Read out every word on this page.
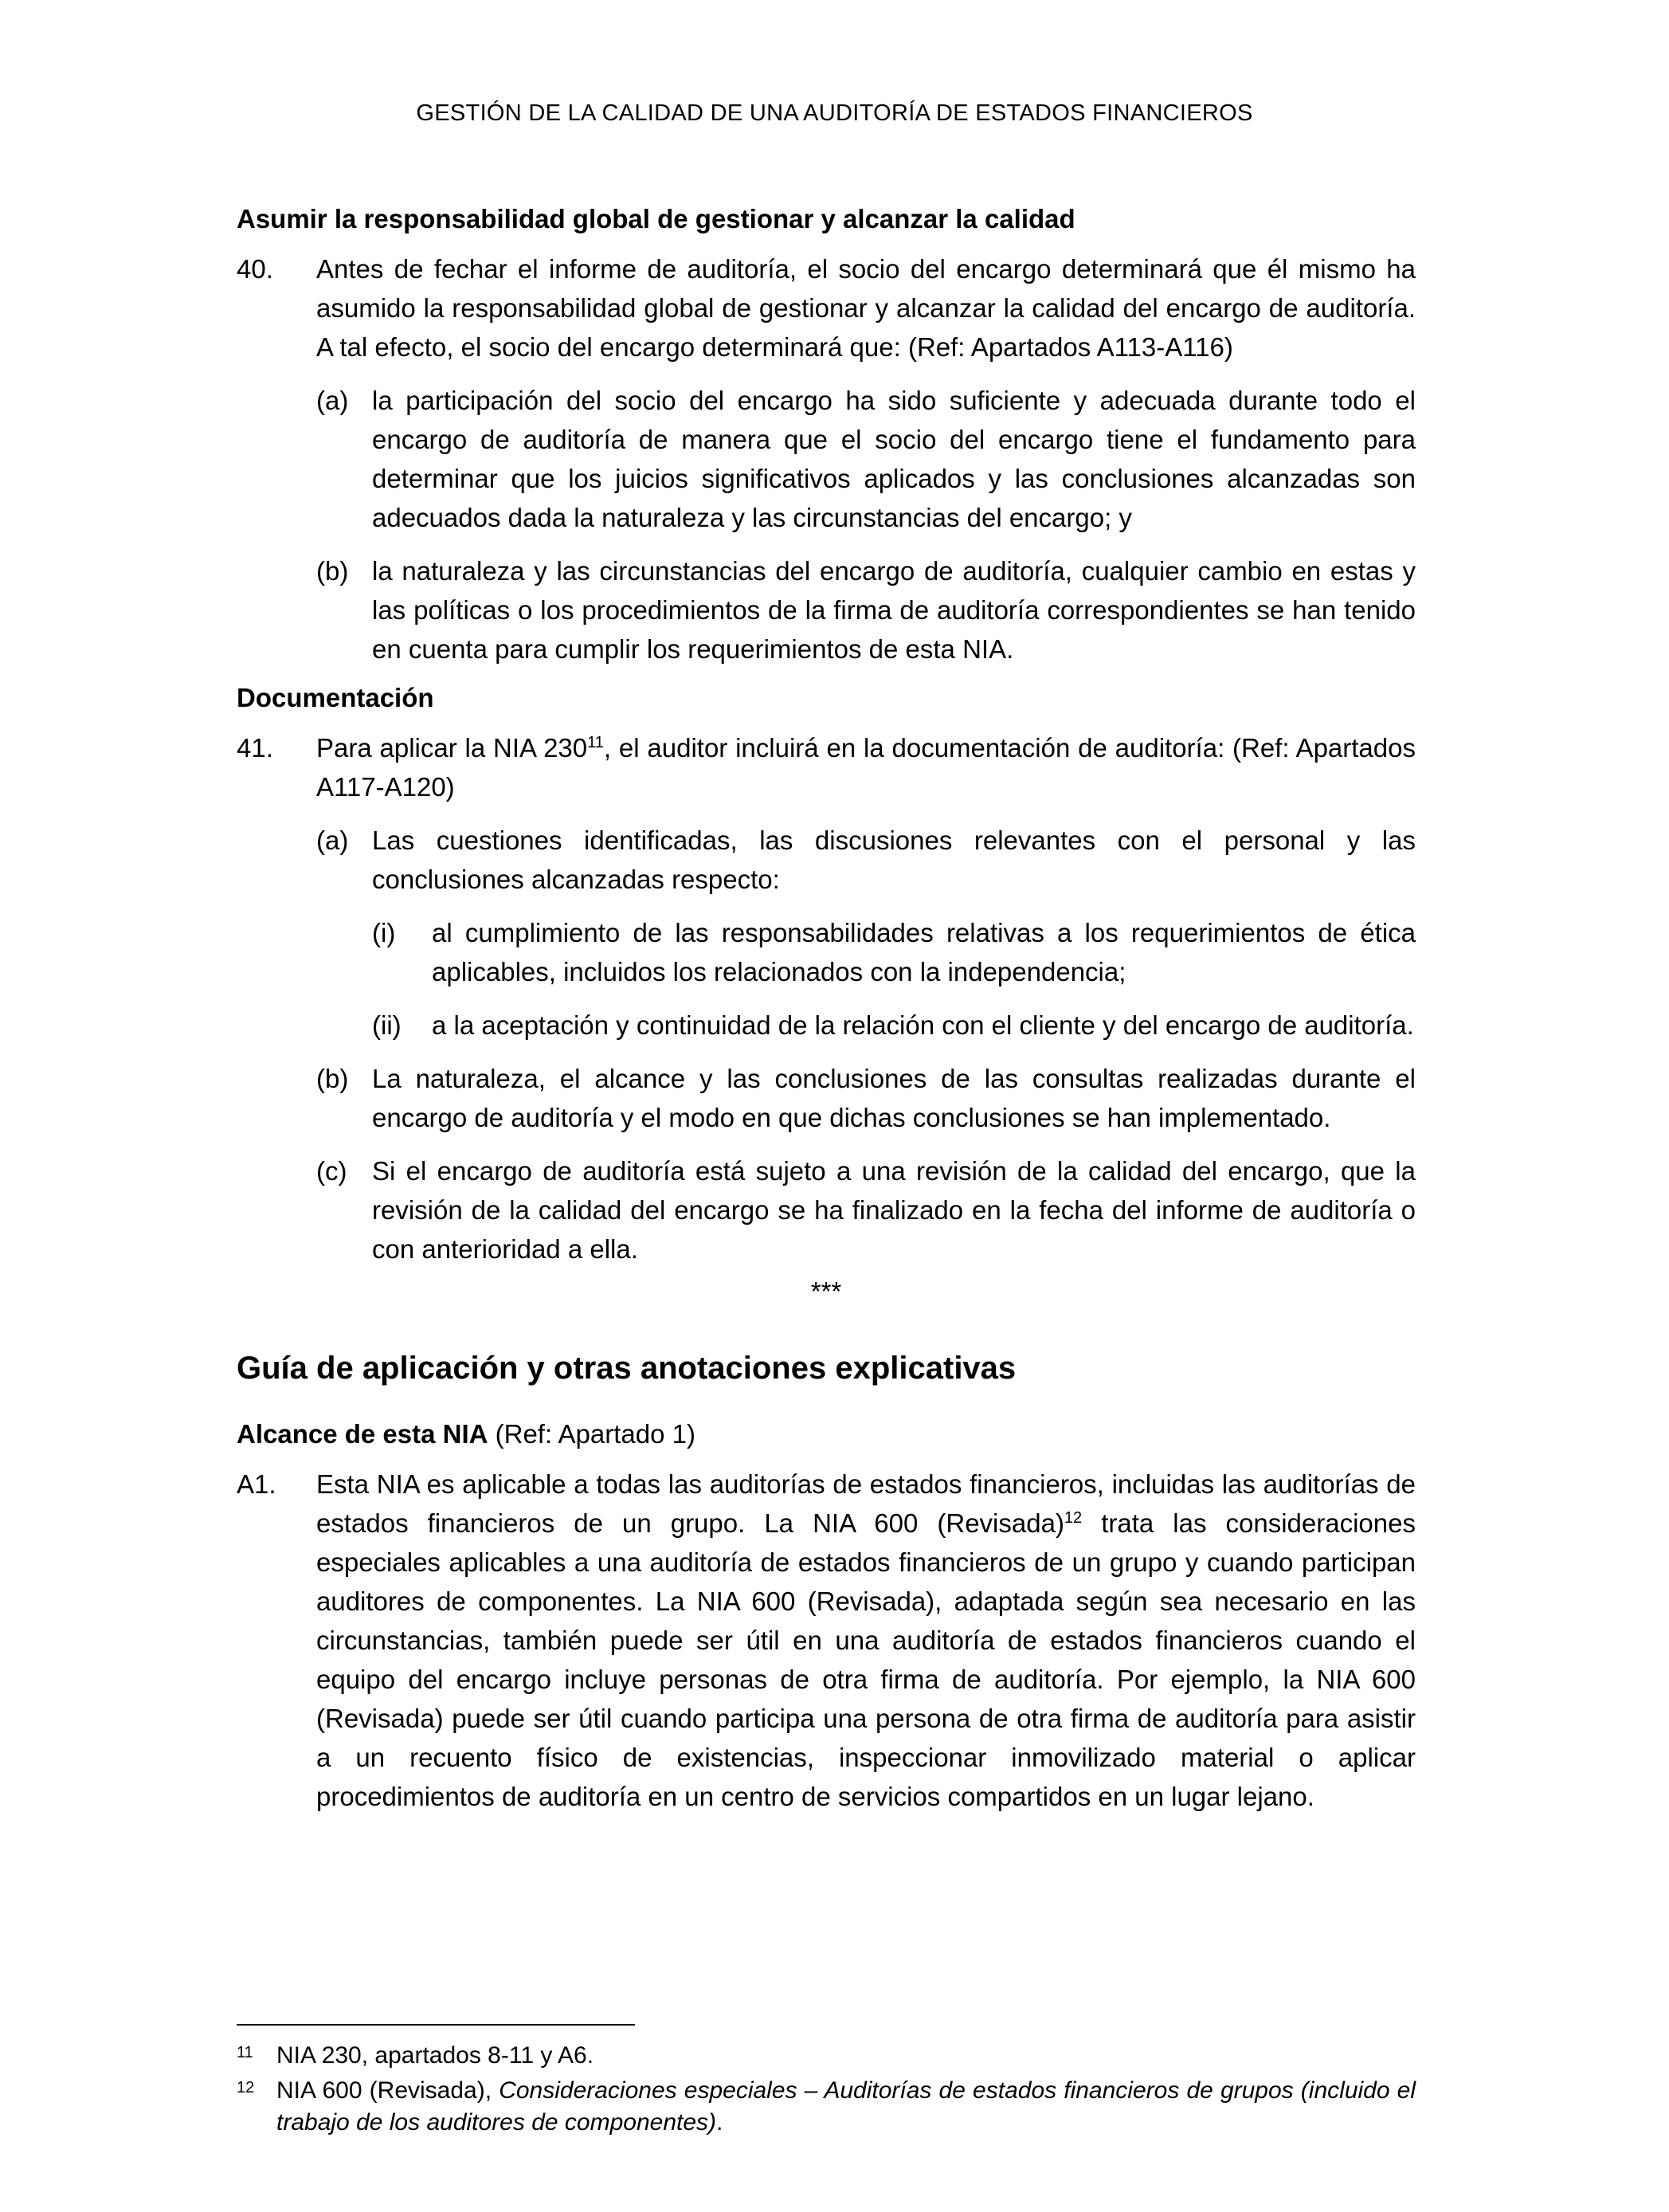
GESTIÓN DE LA CALIDAD DE UNA AUDITORÍA DE ESTADOS FINANCIEROS
Asumir la responsabilidad global de gestionar y alcanzar la calidad
40. Antes de fechar el informe de auditoría, el socio del encargo determinará que él mismo ha asumido la responsabilidad global de gestionar y alcanzar la calidad del encargo de auditoría. A tal efecto, el socio del encargo determinará que: (Ref: Apartados A113-A116)
(a) la participación del socio del encargo ha sido suficiente y adecuada durante todo el encargo de auditoría de manera que el socio del encargo tiene el fundamento para determinar que los juicios significativos aplicados y las conclusiones alcanzadas son adecuados dada la naturaleza y las circunstancias del encargo; y
(b) la naturaleza y las circunstancias del encargo de auditoría, cualquier cambio en estas y las políticas o los procedimientos de la firma de auditoría correspondientes se han tenido en cuenta para cumplir los requerimientos de esta NIA.
Documentación
41. Para aplicar la NIA $230^{11}$, el auditor incluirá en la documentación de auditoría: (Ref: Apartados A117-A120)
(a) Las cuestiones identificadas, las discusiones relevantes con el personal y las conclusiones alcanzadas respecto:
(i) al cumplimiento de las responsabilidades relativas a los requerimientos de ética aplicables, incluidos los relacionados con la independencia;
(ii) a la aceptación y continuidad de la relación con el cliente y del encargo de auditoría.
(b) La naturaleza, el alcance y las conclusiones de las consultas realizadas durante el encargo de auditoría y el modo en que dichas conclusiones se han implementado.
(c) Si el encargo de auditoría está sujeto a una revisión de la calidad del encargo, que la revisión de la calidad del encargo se ha finalizado en la fecha del informe de auditoría o con anterioridad a ella.
***
Guía de aplicación y otras anotaciones explicativas
Alcance de esta NIA (Ref: Apartado 1)
A1. Esta NIA es aplicable a todas las auditorías de estados financieros, incluidas las auditorías de estados financieros de un grupo. La NIA 600 (Revisada)$^{12}$ trata las consideraciones especiales aplicables a una auditoría de estados financieros de un grupo y cuando participan auditores de componentes. La NIA 600 (Revisada), adaptada según sea necesario en las circunstancias, también puede ser útil en una auditoría de estados financieros cuando el equipo del encargo incluye personas de otra firma de auditoría. Por ejemplo, la NIA 600 (Revisada) puede ser útil cuando participa una persona de otra firma de auditoría para asistir a un recuento físico de existencias, inspeccionar inmovilizado material o aplicar procedimientos de auditoría en un centro de servicios compartidos en un lugar lejano.
11 NIA 230, apartados 8-11 y A6.
12 NIA 600 (Revisada), Consideraciones especiales – Auditorías de estados financieros de grupos (incluido el trabajo de los auditores de componentes).
